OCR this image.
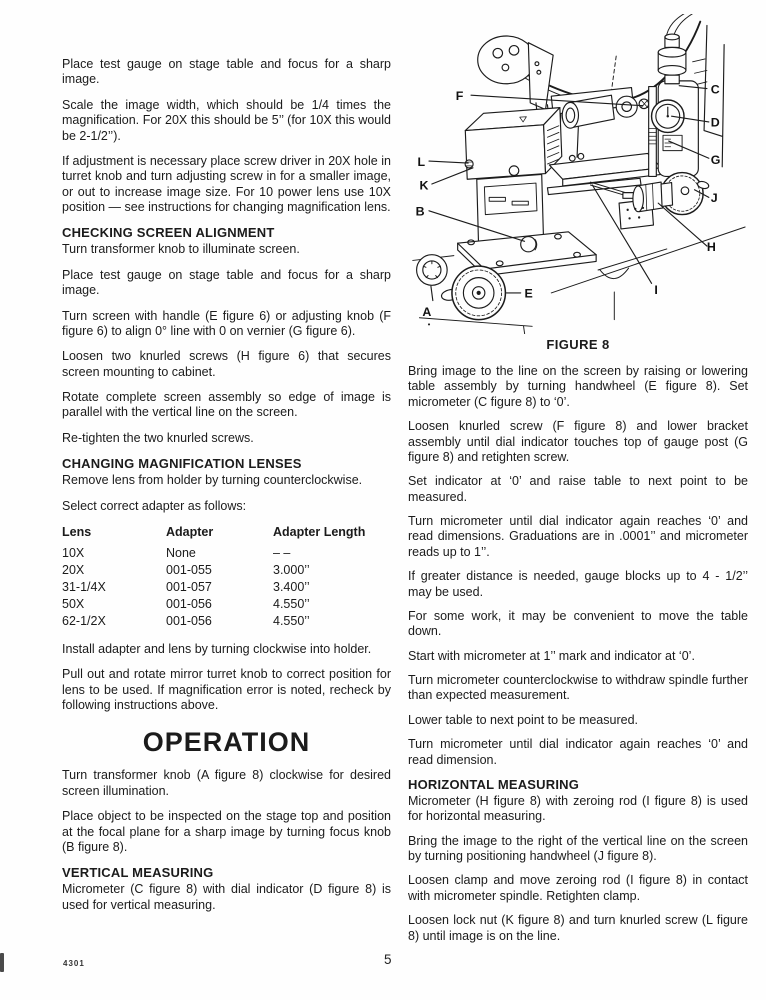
Place test gauge on stage table and focus for a sharp image.

Scale the image width, which should be 1/4 times the magnification. For 20X this should be 5’’ (for 10X this would be 2-1/2’’).

If adjustment is necessary place screw driver in 20X hole in turret knob and turn adjusting screw in for a smaller image, or out to increase image size. For 10 power lens use 10X position — see instructions for changing magnification lens.

CHECKING SCREEN ALIGNMENT

Turn transformer knob to illuminate screen.

Place test gauge on stage table and focus for a sharp image.

Turn screen with handle (E figure 6) or adjusting knob (F figure 6) to align 0° line with 0 on vernier (G figure 6).

Loosen two knurled screws (H figure 6) that secures screen mounting to cabinet.

Rotate complete screen assembly so edge of image is parallel with the vertical line on the screen.

Re-tighten the two knurled screws.

CHANGING MAGNIFICATION LENSES

Remove lens from holder by turning counterclockwise.

Select correct adapter as follows:

Lens	Adapter	Adapter Length
10X	None	– –
20X	001-055	3.000’’
31-1/4X	001-057	3.400’’
50X	001-056	4.550’’
62-1/2X	001-056	4.550’’

Install adapter and lens by turning clockwise into holder.

Pull out and rotate mirror turret knob to correct position for lens to be used. If magnification error is noted, recheck by following instructions above.

OPERATION

Turn transformer knob (A figure 8) clockwise for desired screen illumination.

Place object to be inspected on the stage top and position at the focal plane for a sharp image by turning focus knob (B figure 8).

VERTICAL MEASURING

Micrometer (C figure 8) with dial indicator (D figure 8) is used for vertical measuring.

A
B
C
D
E
F
G
H
I
J
K
L
FIGURE 8

Bring image to the line on the screen by raising or lowering table assembly by turning handwheel (E figure 8). Set micrometer (C figure 8) to ‘0’.

Loosen knurled screw (F figure 8) and lower bracket assembly until dial indicator touches top of gauge post (G figure 8) and retighten screw.

Set indicator at ‘0’ and raise table to next point to be measured.

Turn micrometer until dial indicator again reaches ‘0’ and read dimensions. Graduations are in .0001’’ and micrometer reads up to 1’’.

If greater distance is needed, gauge blocks up to 4 - 1/2’’ may be used.

For some work, it may be convenient to move the table down.

Start with micrometer at 1’’ mark and indicator at ‘0’.

Turn micrometer counterclockwise to withdraw spindle further than expected measurement.

Lower table to next point to be measured.

Turn micrometer until dial indicator again reaches ‘0’ and read dimension.

HORIZONTAL MEASURING

Micrometer (H figure 8) with zeroing rod (I figure 8) is used for horizontal measuring.

Bring the image to the right of the vertical line on the screen by turning positioning handwheel (J figure 8).

Loosen clamp and move zeroing rod (I figure 8) in contact with micrometer spindle. Retighten clamp.

Loosen lock nut (K figure 8) and turn knurled screw (L figure 8) until image is on the line.

4301	5
